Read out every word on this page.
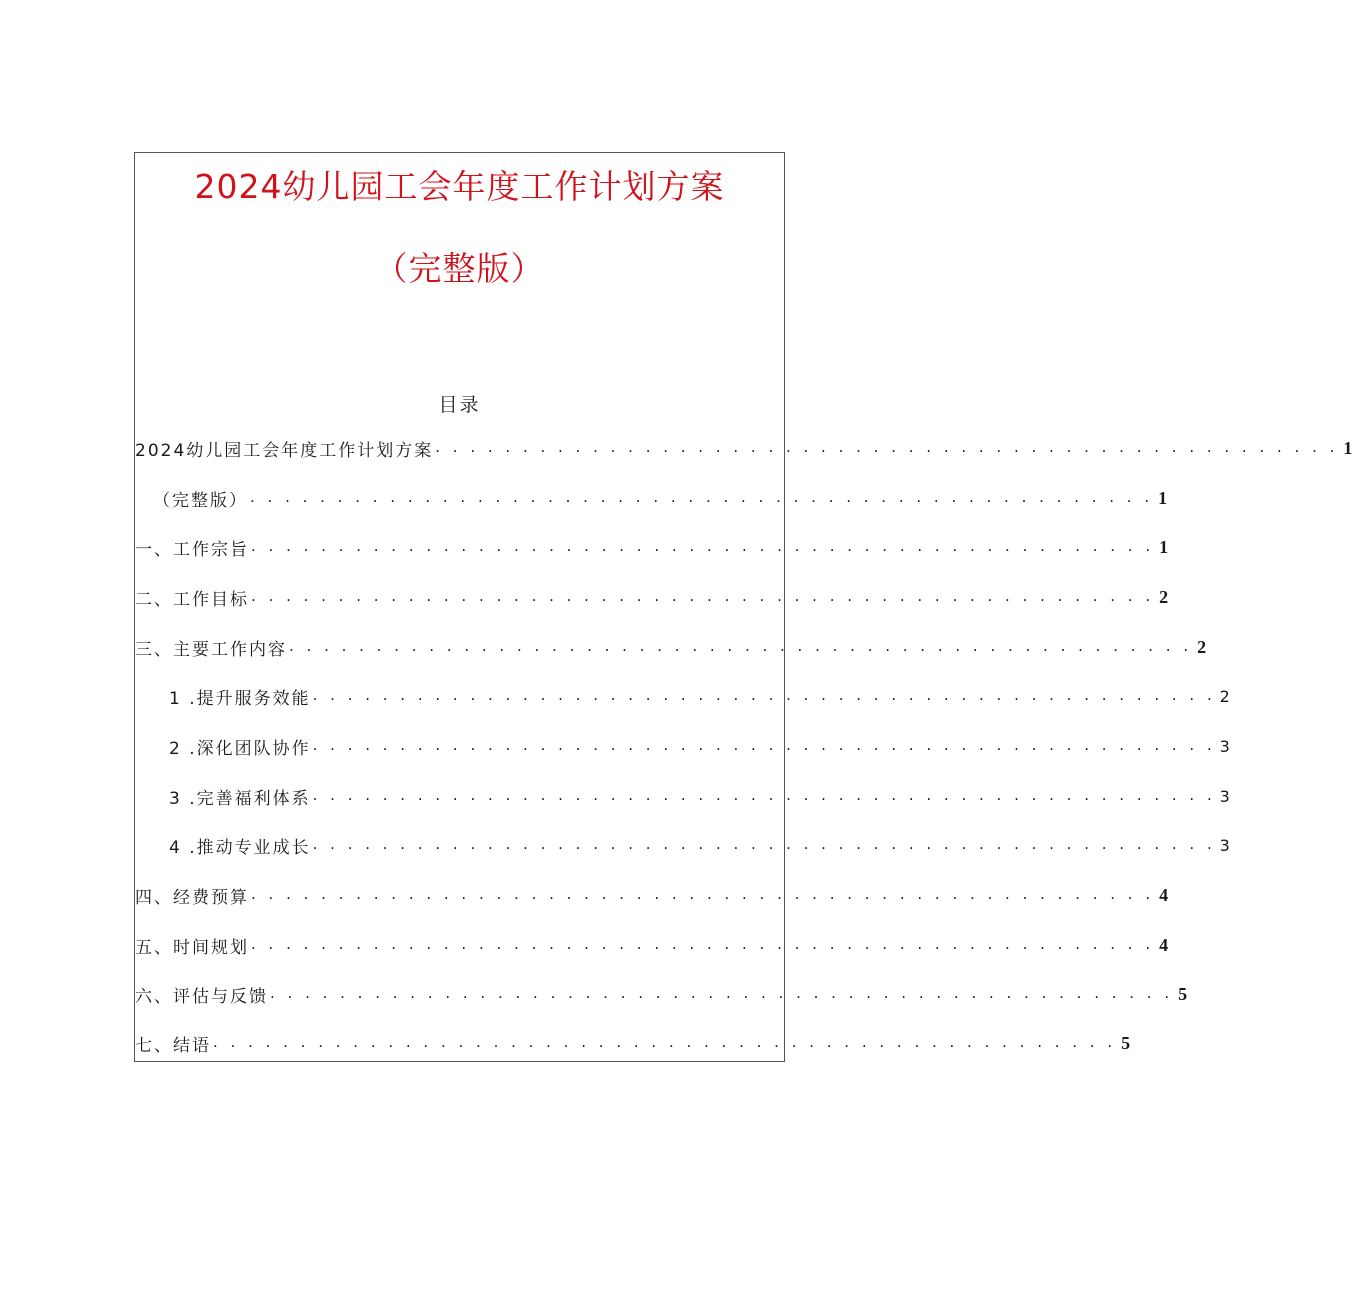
2024幼儿园工会年度工作计划方案
（完整版）
目录
2024幼儿园工会年度工作计划方案 . . . . . . . . . . . . . . . . . . . . . . . . . . . . . . . . . . . . . . . . . . . . . . . . . . . . 1
（完整版） . . . . . . . . . . . . . . . . . . . . . . . . . . . . . . . . . . . . . . . . . . . . . . . . . . . . 1
一、工作宗旨 . . . . . . . . . . . . . . . . . . . . . . . . . . . . . . . . . . . . . . . . . . . . . . . . . . . . 1
二、工作目标 . . . . . . . . . . . . . . . . . . . . . . . . . . . . . . . . . . . . . . . . . . . . . . . . . . . . 2
三、主要工作内容 . . . . . . . . . . . . . . . . . . . . . . . . . . . . . . . . . . . . . . . . . . . . . . . . . . . . 2
1 .提升服务效能 . . . . . . . . . . . . . . . . . . . . . . . . . . . . . . . . . . . . . . . . . . . . . . . . . . . . 2
2 .深化团队协作 . . . . . . . . . . . . . . . . . . . . . . . . . . . . . . . . . . . . . . . . . . . . . . . . . . . . 3
3 .完善福利体系 . . . . . . . . . . . . . . . . . . . . . . . . . . . . . . . . . . . . . . . . . . . . . . . . . . . . 3
4 .推动专业成长 . . . . . . . . . . . . . . . . . . . . . . . . . . . . . . . . . . . . . . . . . . . . . . . . . . . . 3
四、经费预算 . . . . . . . . . . . . . . . . . . . . . . . . . . . . . . . . . . . . . . . . . . . . . . . . . . . . 4
五、时间规划 . . . . . . . . . . . . . . . . . . . . . . . . . . . . . . . . . . . . . . . . . . . . . . . . . . . . 4
六、评估与反馈 . . . . . . . . . . . . . . . . . . . . . . . . . . . . . . . . . . . . . . . . . . . . . . . . . . . . 5
七、结语 . . . . . . . . . . . . . . . . . . . . . . . . . . . . . . . . . . . . . . . . . . . . . . . . . . . . 5
